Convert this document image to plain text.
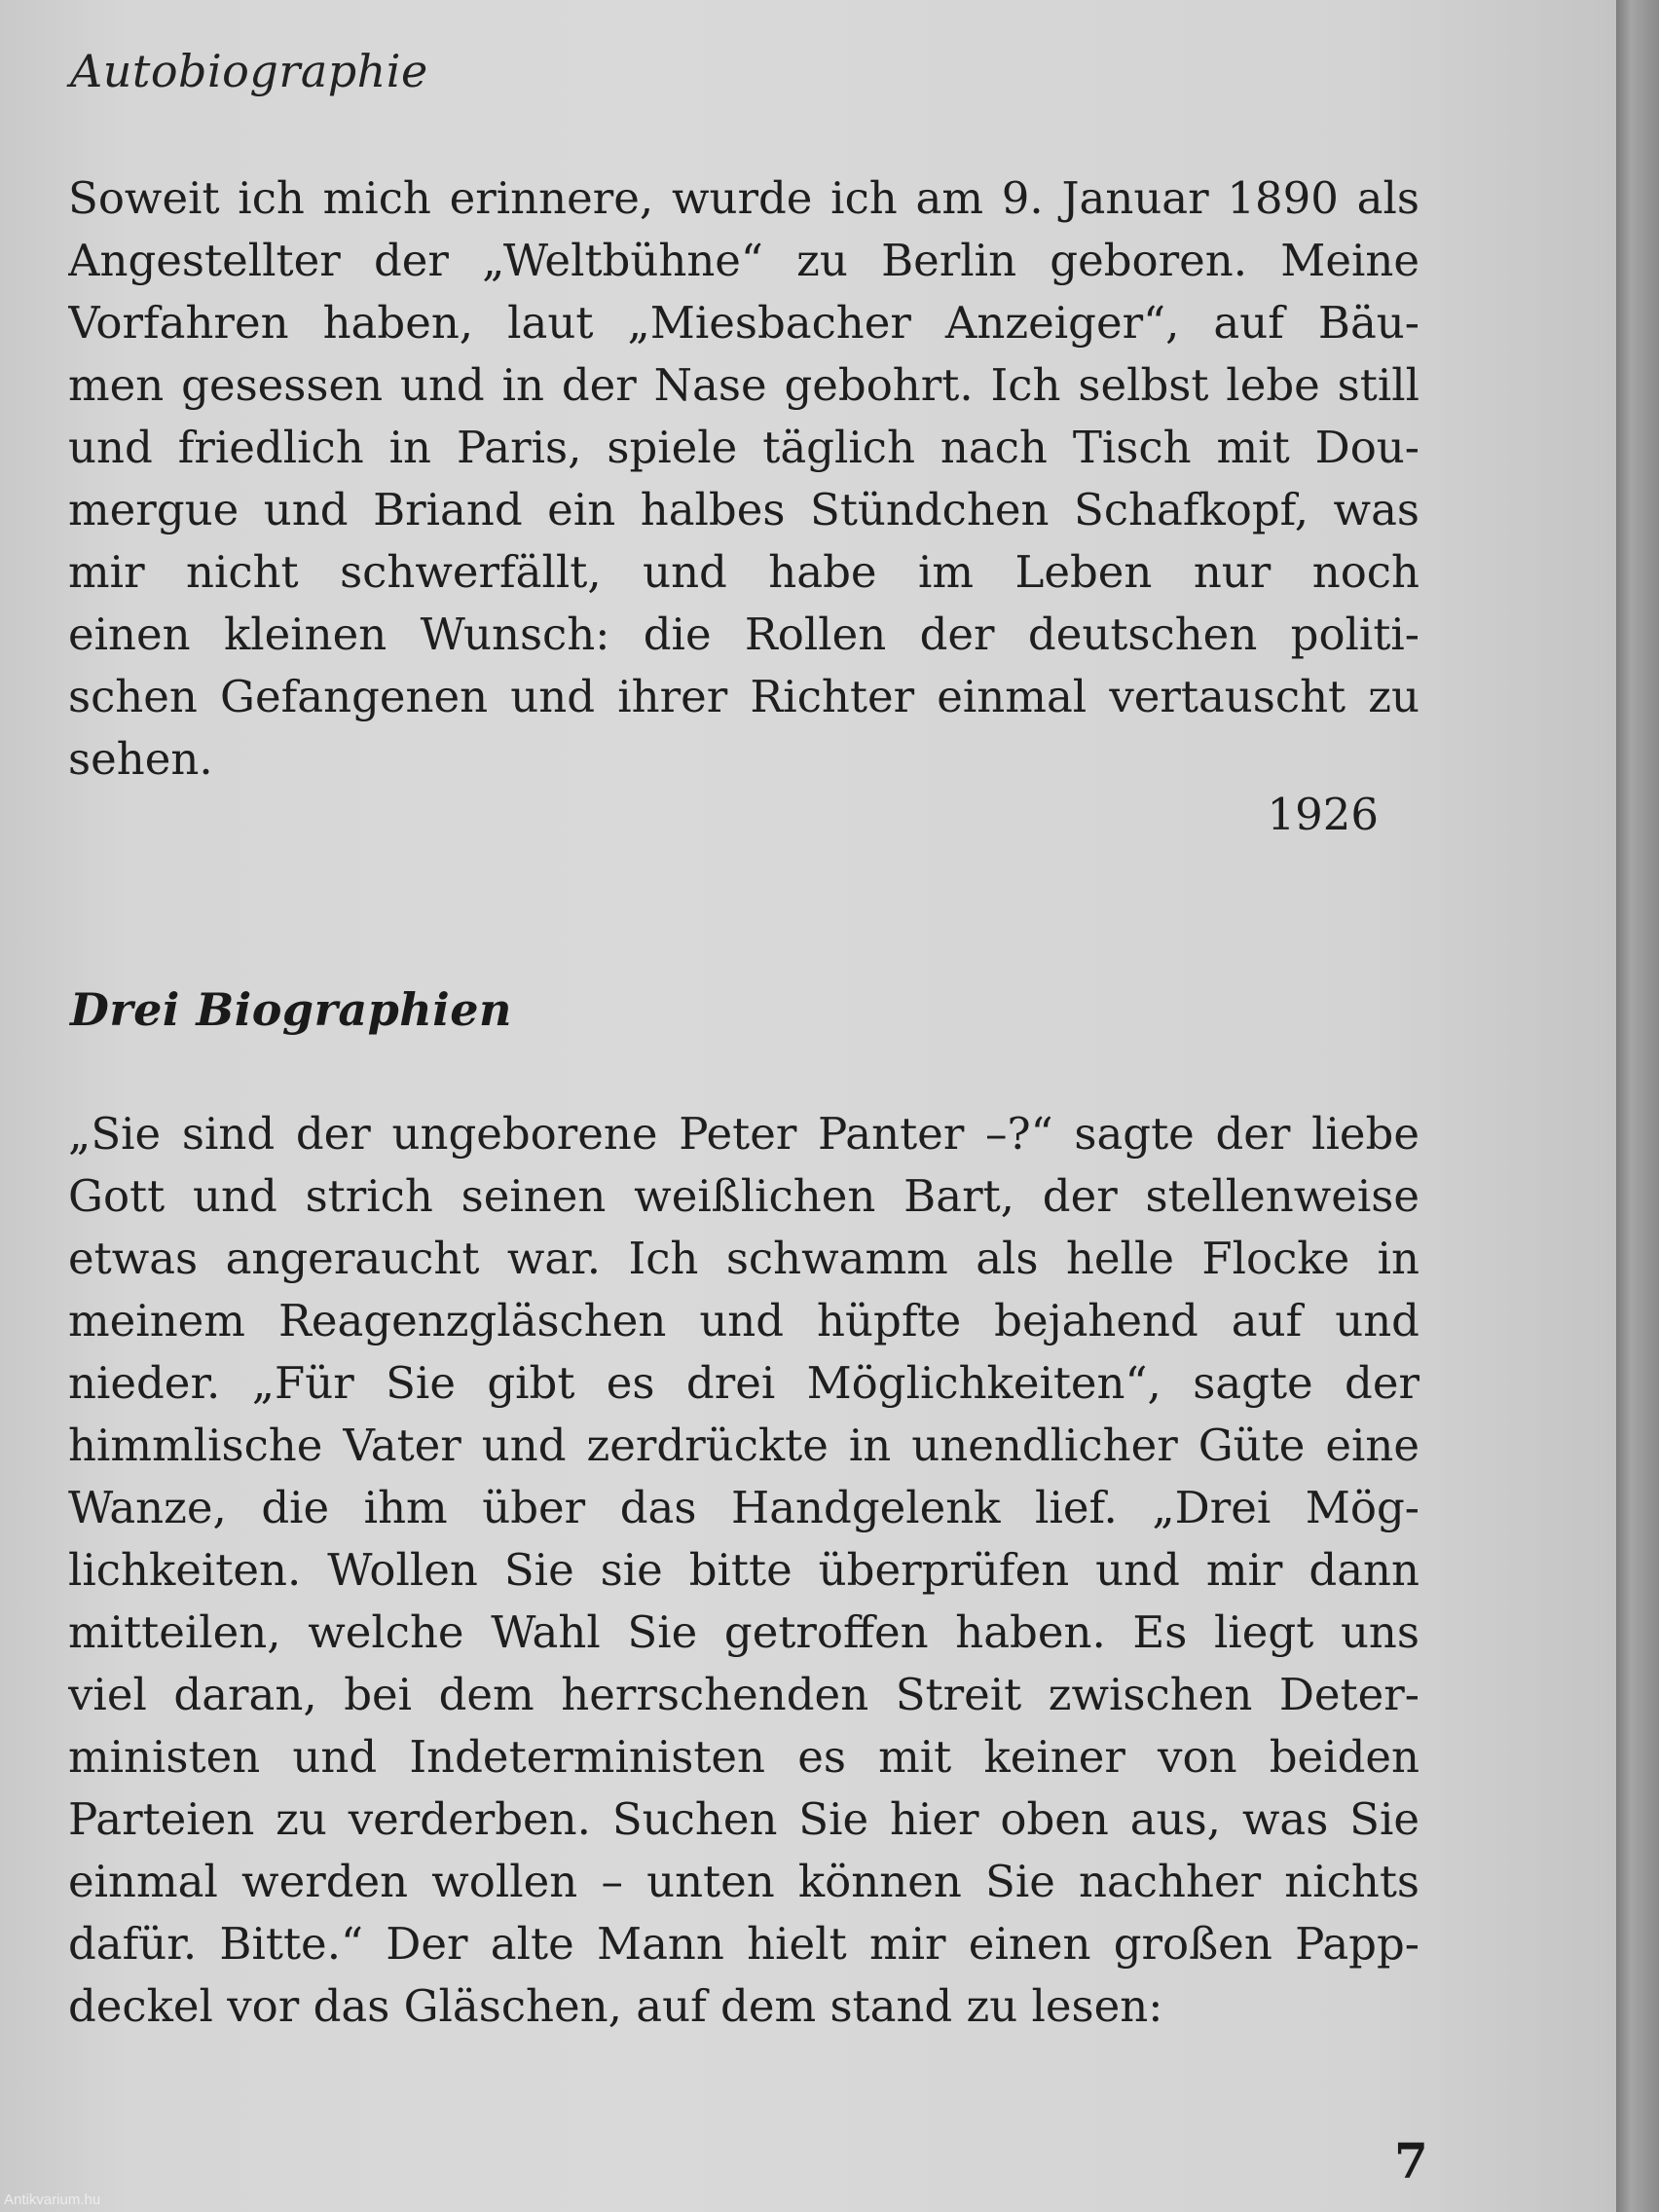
Autobiographie
Soweit ich mich erinnere, wurde ich am 9. Januar 1890 als
Angestellter der „Weltbühne“ zu Berlin geboren. Meine
Vorfahren haben, laut „Miesbacher Anzeiger“, auf Bäu-
men gesessen und in der Nase gebohrt. Ich selbst lebe still
und friedlich in Paris, spiele täglich nach Tisch mit Dou-
mergue und Briand ein halbes Stündchen Schafkopf, was
mir nicht schwerfällt, und habe im Leben nur noch
einen kleinen Wunsch: die Rollen der deutschen politi-
schen Gefangenen und ihrer Richter einmal vertauscht zu
sehen.
1926
Drei Biographien
„Sie sind der ungeborene Peter Panter –?“ sagte der liebe
Gott und strich seinen weißlichen Bart, der stellenweise
etwas angeraucht war. Ich schwamm als helle Flocke in
meinem Reagenzgläschen und hüpfte bejahend auf und
nieder. „Für Sie gibt es drei Möglichkeiten“, sagte der
himmlische Vater und zerdrückte in unendlicher Güte eine
Wanze, die ihm über das Handgelenk lief. „Drei Mög-
lichkeiten. Wollen Sie sie bitte überprüfen und mir dann
mitteilen, welche Wahl Sie getroffen haben. Es liegt uns
viel daran, bei dem herrschenden Streit zwischen Deter-
ministen und Indeterministen es mit keiner von beiden
Parteien zu verderben. Suchen Sie hier oben aus, was Sie
einmal werden wollen – unten können Sie nachher nichts
dafür. Bitte.“ Der alte Mann hielt mir einen großen Papp-
deckel vor das Gläschen, auf dem stand zu lesen:
7
Antikvarium.hu
